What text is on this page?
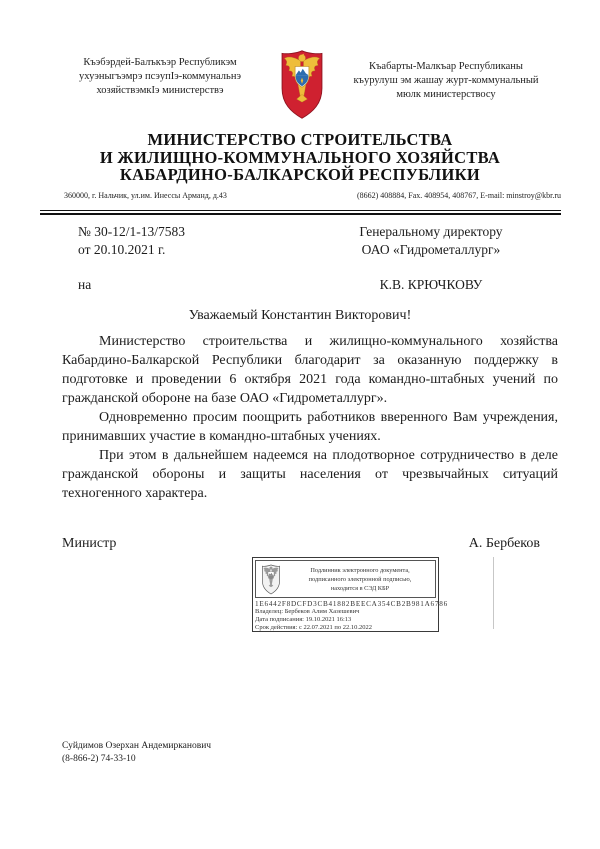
Къэбэрдей-Балъкъэр Республикэм
ухуэныгъэмрэ псэупIэ-коммунальнэ
хозяйствэмкIэ министерствэ
Къабарты-Малкъар Республиканы
къурулуш эм жашау журт-коммунальный
мюлк министерствосу
МИНИСТЕРСТВО СТРОИТЕЛЬСТВА
И ЖИЛИЩНО-КОММУНАЛЬНОГО ХОЗЯЙСТВА
КАБАРДИНО-БАЛКАРСКОЙ РЕСПУБЛИКИ
360000, г. Нальчик, ул.им. Инессы Арманд, д.43	(8662) 408884, Fax. 408954, 408767, E-mail: minstroy@kbr.ru
№ 30-12/1-13/7583
от 20.10.2021 г.
на
Генеральному директору
ОАО «Гидрометаллург»
К.В. КРЮЧКОВУ
Уважаемый Константин Викторович!

Министерство строительства и жилищно-коммунального хозяйства Кабардино-Балкарской Республики благодарит за оказанную поддержку в подготовке и проведении 6 октября 2021 года командно-штабных учений по гражданской обороне на базе ОАО «Гидрометаллург».

Одновременно просим поощрить работников вверенного Вам учреждения, принимавших участие в командно-штабных учениях.

При этом в дальнейшем надеемся на плодотворное сотрудничество в деле гражданской обороны и защиты населения от чрезвычайных ситуаций техногенного характера.

Министр	А. Бербеков
Подлинник электронного документа,
подписанного электронной подписью,
находится в СЭД КБР
1E6442F8DCFD3CB41882BEECA354CB2B981A6786
Владелец: Бербеков Алим Хазешевич
Дата подписания: 19.10.2021 16:13
Срок действия: с 22.07.2021 по 22.10.2022
Суйдимов Озерхан Андемирканович
(8-866-2) 74-33-10
